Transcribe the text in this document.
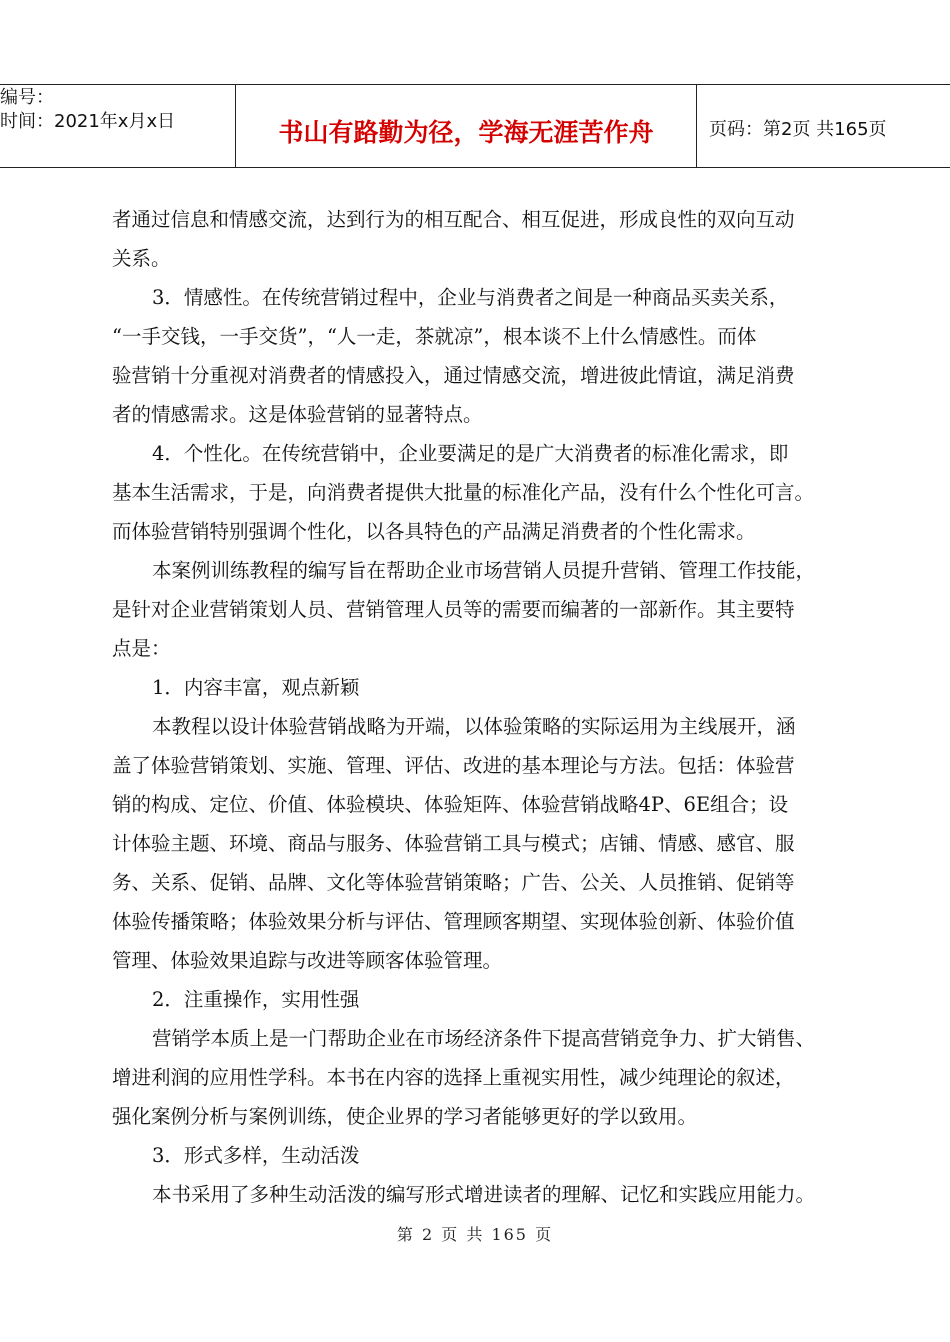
编号：
时间：2021年x月x日	书山有路勤为径，学海无涯苦作舟	页码：第2页 共165页
者通过信息和情感交流，达到行为的相互配合、相互促进，形成良性的双向互动
关系。
3．情感性。在传统营销过程中，企业与消费者之间是一种商品买卖关系，
“一手交钱，一手交货”，“人一走，茶就凉”，根本谈不上什么情感性。而体
验营销十分重视对消费者的情感投入，通过情感交流，增进彼此情谊，满足消费
者的情感需求。这是体验营销的显著特点。
4．个性化。在传统营销中，企业要满足的是广大消费者的标准化需求，即
基本生活需求，于是，向消费者提供大批量的标准化产品，没有什么个性化可言。
而体验营销特别强调个性化，以各具特色的产品满足消费者的个性化需求。
本案例训练教程的编写旨在帮助企业市场营销人员提升营销、管理工作技能，
是针对企业营销策划人员、营销管理人员等的需要而编著的一部新作。其主要特
点是：
1．内容丰富，观点新颖
本教程以设计体验营销战略为开端，以体验策略的实际运用为主线展开，涵
盖了体验营销策划、实施、管理、评估、改进的基本理论与方法。包括：体验营
销的构成、定位、价值、体验模块、体验矩阵、体验营销战略4P、6E组合；设
计体验主题、环境、商品与服务、体验营销工具与模式；店铺、情感、感官、服
务、关系、促销、品牌、文化等体验营销策略；广告、公关、人员推销、促销等
体验传播策略；体验效果分析与评估、管理顾客期望、实现体验创新、体验价值
管理、体验效果追踪与改进等顾客体验管理。
2．注重操作，实用性强
营销学本质上是一门帮助企业在市场经济条件下提高营销竞争力、扩大销售、
增进利润的应用性学科。本书在内容的选择上重视实用性，减少纯理论的叙述，
强化案例分析与案例训练，使企业界的学习者能够更好的学以致用。
3．形式多样，生动活泼
本书采用了多种生动活泼的编写形式增进读者的理解、记忆和实践应用能力。
第 2 页 共 165 页
